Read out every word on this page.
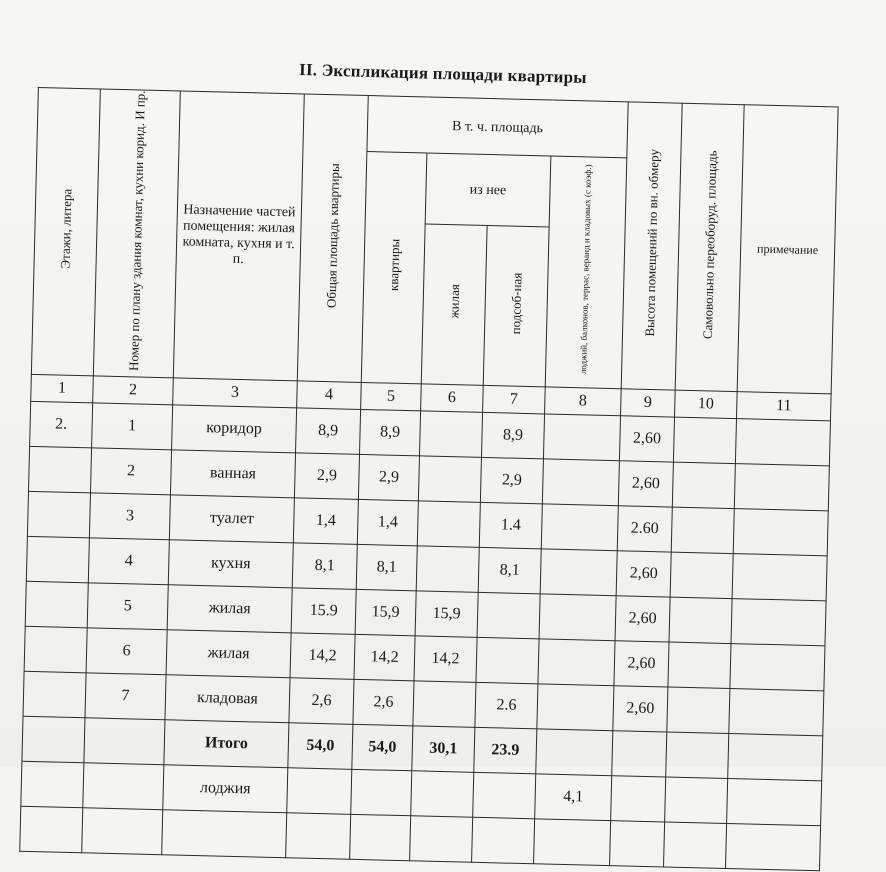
II. Экспликация площади квартиры
Этажи, литера	Номер по плану здания комнат, кухни корид. И пр.	Назначение частей помещения: жилая комната, кухня и т. п.	Общая площадь квартиры	В т. ч. площадь				Высота помещений по вн. обмеру	Самовольно переоборуд. площадь	примечание
				квартиры	из нее		лоджий, балконов, террас, веранд и кладовых (с коэф.)			
					жилая	подсоб-ная				
1	2	3	4	5	6	7	8	9	10	11
2.	1	коридор	8,9	8,9		8,9		2,60		
	2	ванная	2,9	2,9		2,9		2,60		
	3	туалет	1,4	1,4		1.4		2.60		
	4	кухня	8,1	8,1		8,1		2,60		
	5	жилая	15.9	15,9	15,9			2,60		
	6	жилая	14,2	14,2	14,2			2,60		
	7	кладовая	2,6	2,6		2.6		2,60		
		Итого	54,0	54,0	30,1	23.9				
		лоджия					4,1			
